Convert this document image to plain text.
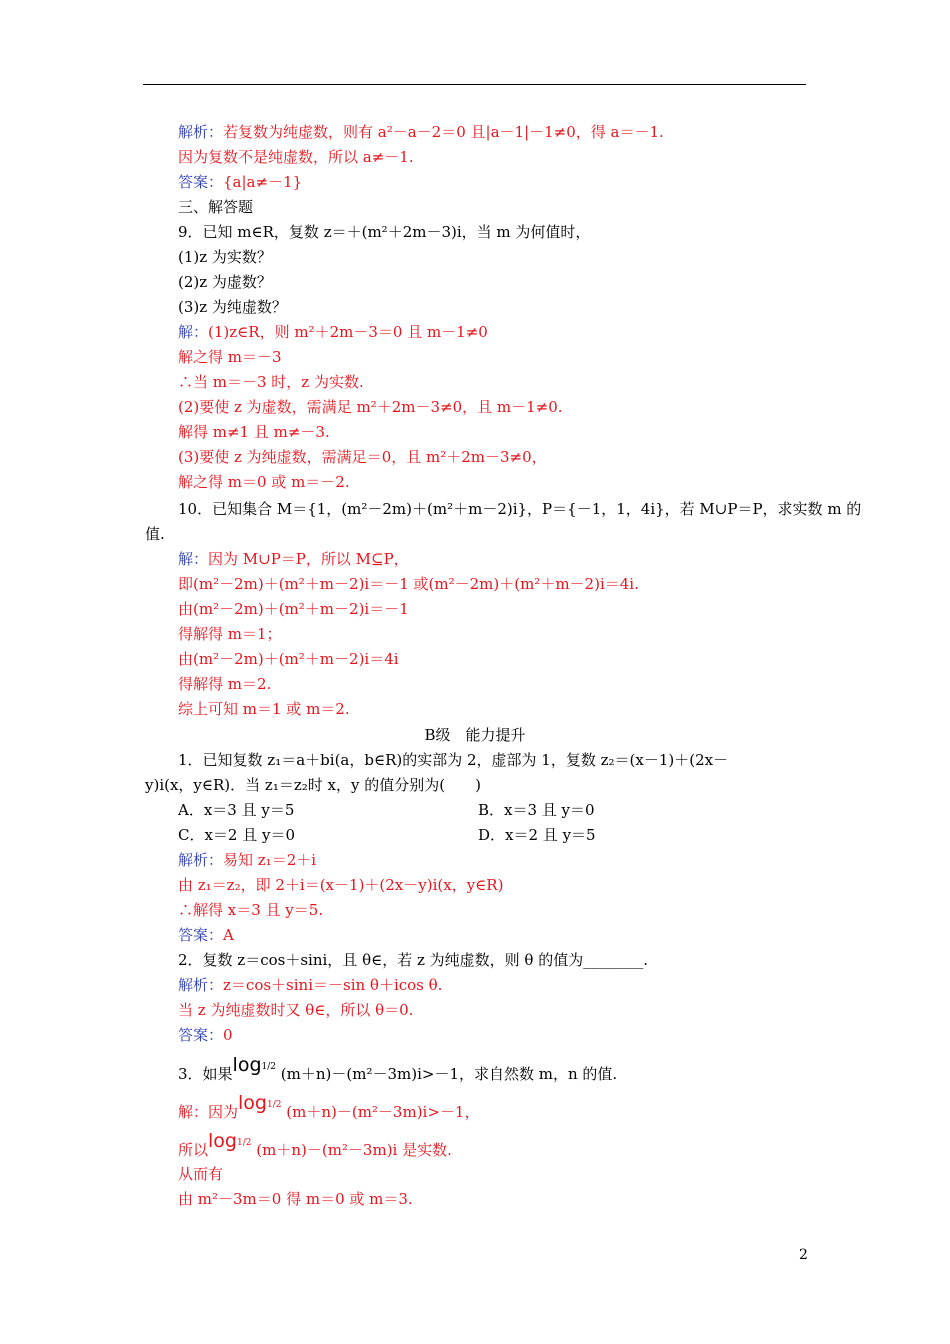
解析：若复数为纯虚数，则有 a²－a－2＝0 且|a－1|－1≠0，得 a＝－1.
因为复数不是纯虚数，所以 a≠－1.
答案：{a|a≠－1}
三、解答题
9．已知 m∈R，复数 z＝＋(m²＋2m－3)i，当 m 为何值时，
(1)z 为实数？
(2)z 为虚数？
(3)z 为纯虚数？
解：(1)z∈R，则 m²＋2m－3＝0 且 m－1≠0
解之得 m＝－3
∴当 m＝－3 时，z 为实数.
(2)要使 z 为虚数，需满足 m²＋2m－3≠0，且 m－1≠0.
解得 m≠1 且 m≠－3.
(3)要使 z 为纯虚数，需满足＝0，且 m²＋2m－3≠0，
解之得 m＝0 或 m＝－2.
10．已知集合 M＝{1，(m²－2m)＋(m²＋m－2)i}，P＝{－1，1，4i}，若 M∪P＝P，求实数 m 的
值.
解：因为 M∪P＝P，所以 M⊆P，
即(m²－2m)＋(m²＋m－2)i＝－1 或(m²－2m)＋(m²＋m－2)i＝4i.
由(m²－2m)＋(m²＋m－2)i＝－1
得解得 m＝1；
由(m²－2m)＋(m²＋m－2)i＝4i
得解得 m＝2.
综上可知 m＝1 或 m＝2.
B级　能力提升
1．已知复数 z₁＝a＋bi(a，b∈R)的实部为 2，虚部为 1，复数 z₂＝(x－1)＋(2x－
y)i(x，y∈R)．当 z₁＝z₂时 x，y 的值分别为(　　)
A．x＝3 且 y＝5	B．x＝3 且 y＝0
C．x＝2 且 y＝0	D．x＝2 且 y＝5
解析：易知 z₁＝2＋i
由 z₁＝z₂，即 2＋i＝(x－1)＋(2x－y)i(x，y∈R)
∴解得 x＝3 且 y＝5.
答案：A
2．复数 z＝cos＋sini，且 θ∈，若 z 为纯虚数，则 θ 的值为________.
解析：z＝cos＋sini＝－sin θ＋icos θ.
当 z 为纯虚数时又 θ∈，所以 θ＝0.
答案：0
3．如果$\log^{1/2} (m+n)-(m^2-3m)i>-1$，求自然数 m，n 的值.
解：因为$\log^{1/2} (m+n)-(m^2-3m)i>-1$，
所以$\log^{1/2} (m+n)-(m^2-3m)i$ 是实数.
从而有
由 m²－3m＝0 得 m＝0 或 m＝3.
2
